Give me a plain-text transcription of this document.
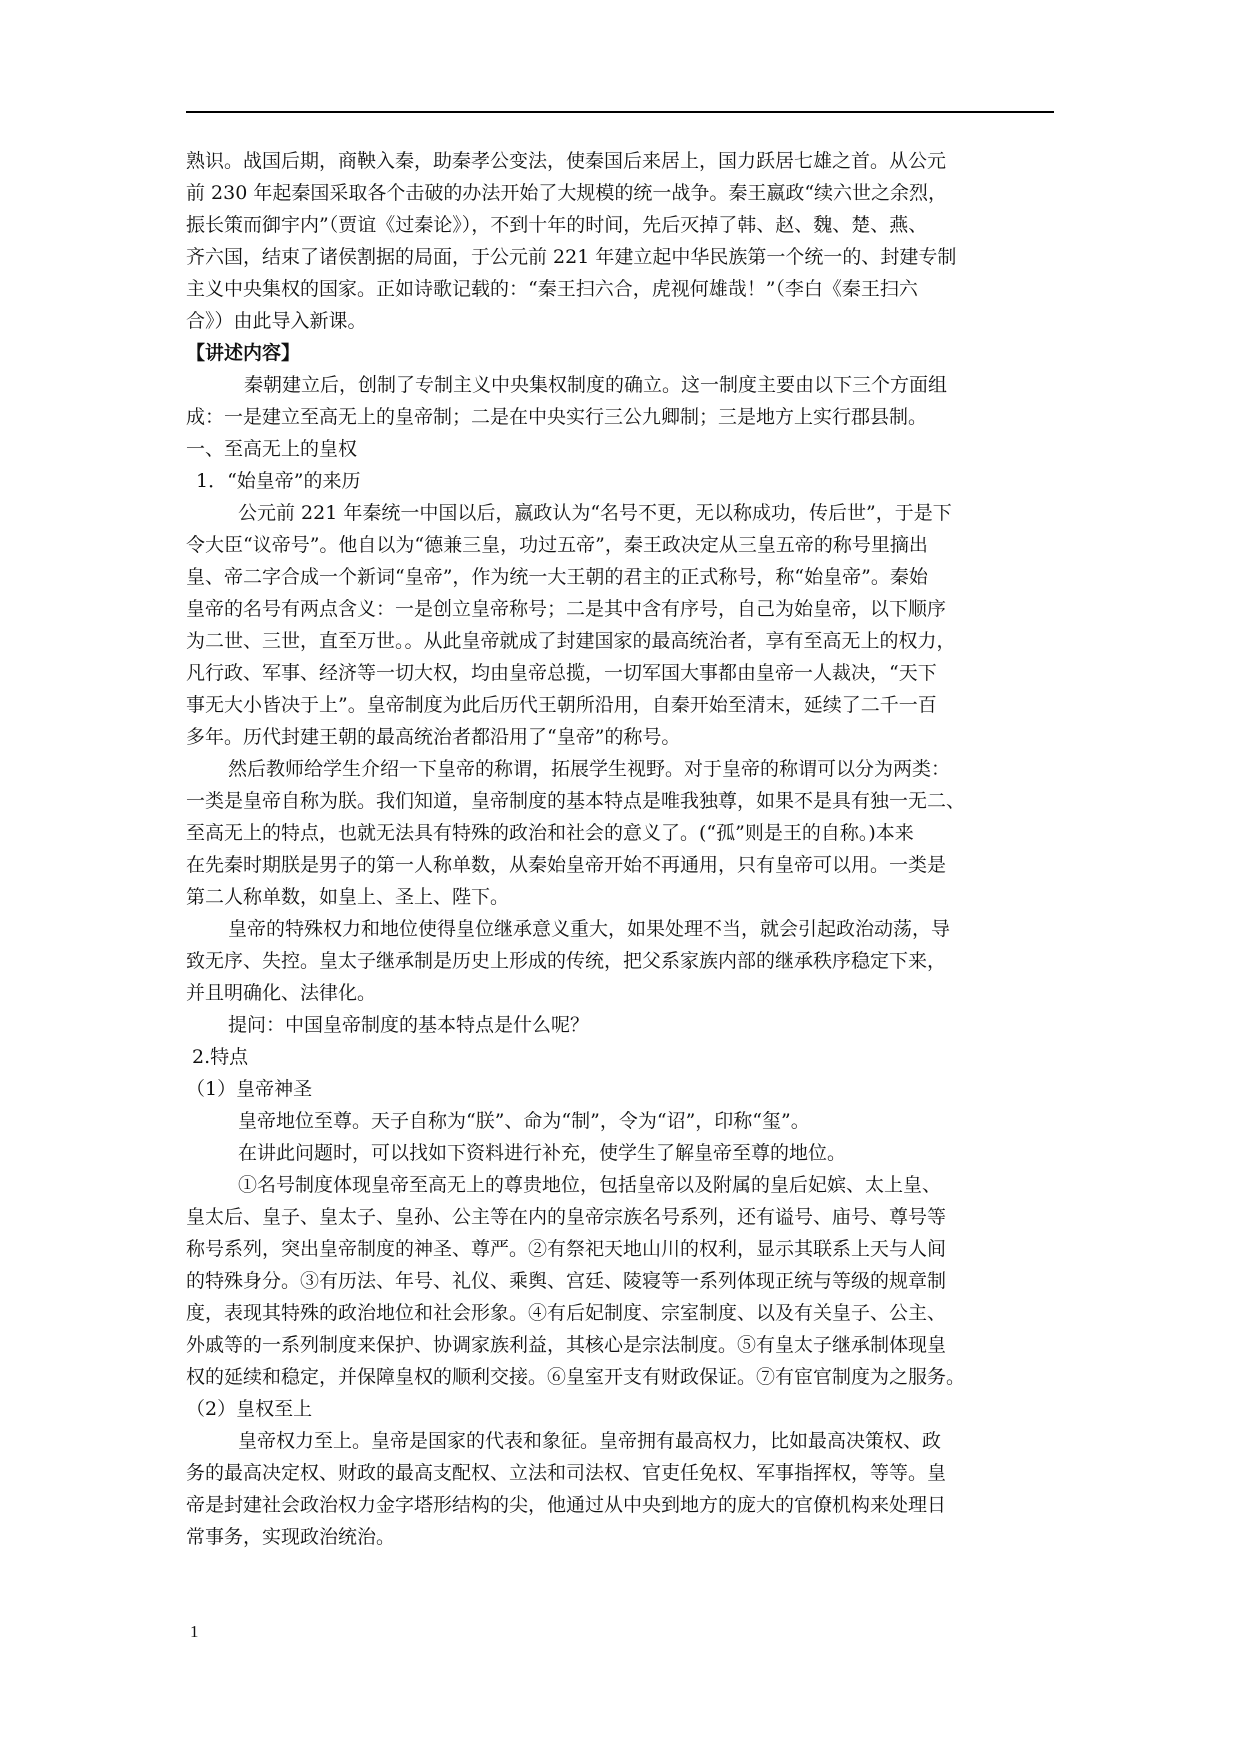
熟识。战国后期，商鞅入秦，助秦孝公变法，使秦国后来居上，国力跃居七雄之首。从公元
前 230 年起秦国采取各个击破的办法开始了大规模的统一战争。秦王嬴政“续六世之余烈，
振长策而御宇内”（贾谊《过秦论》），不到十年的时间，先后灭掉了韩、赵、魏、楚、燕、
齐六国，结束了诸侯割据的局面，于公元前 221 年建立起中华民族第一个统一的、封建专制
主义中央集权的国家。正如诗歌记载的：“秦王扫六合，虎视何雄哉！”（李白《秦王扫六
合》）由此导入新课。
【讲述内容】
秦朝建立后，创制了专制主义中央集权制度的确立。这一制度主要由以下三个方面组
成：一是建立至高无上的皇帝制；二是在中央实行三公九卿制；三是地方上实行郡县制。
一、至高无上的皇权
1．“始皇帝”的来历
公元前 221 年秦统一中国以后，嬴政认为“名号不更，无以称成功，传后世”，于是下
令大臣“议帝号”。他自以为“德兼三皇，功过五帝”，秦王政决定从三皇五帝的称号里摘出
皇、帝二字合成一个新词“皇帝”，作为统一大王朝的君主的正式称号，称“始皇帝”。秦始
皇帝的名号有两点含义：一是创立皇帝称号；二是其中含有序号，自己为始皇帝，以下顺序
为二世、三世，直至万世。。从此皇帝就成了封建国家的最高统治者，享有至高无上的权力，
凡行政、军事、经济等一切大权，均由皇帝总揽，一切军国大事都由皇帝一人裁决，“天下
事无大小皆决于上”。皇帝制度为此后历代王朝所沿用，自秦开始至清末，延续了二千一百
多年。历代封建王朝的最高统治者都沿用了“皇帝”的称号。
然后教师给学生介绍一下皇帝的称谓，拓展学生视野。对于皇帝的称谓可以分为两类：
一类是皇帝自称为朕。我们知道，皇帝制度的基本特点是唯我独尊，如果不是具有独一无二、
至高无上的特点，也就无法具有特殊的政治和社会的意义了。(“孤”则是王的自称。)本来
在先秦时期朕是男子的第一人称单数，从秦始皇帝开始不再通用，只有皇帝可以用。一类是
第二人称单数，如皇上、圣上、陛下。
皇帝的特殊权力和地位使得皇位继承意义重大，如果处理不当，就会引起政治动荡，导
致无序、失控。皇太子继承制是历史上形成的传统，把父系家族内部的继承秩序稳定下来，
并且明确化、法律化。
提问：中国皇帝制度的基本特点是什么呢？
2.特点
（1）皇帝神圣
皇帝地位至尊。天子自称为“朕”、命为“制”，令为“诏”，印称“玺”。
在讲此问题时，可以找如下资料进行补充，使学生了解皇帝至尊的地位。
①名号制度体现皇帝至高无上的尊贵地位，包括皇帝以及附属的皇后妃嫔、太上皇、
皇太后、皇子、皇太子、皇孙、公主等在内的皇帝宗族名号系列，还有谥号、庙号、尊号等
称号系列，突出皇帝制度的神圣、尊严。②有祭祀天地山川的权利，显示其联系上天与人间
的特殊身分。③有历法、年号、礼仪、乘舆、宫廷、陵寝等一系列体现正统与等级的规章制
度，表现其特殊的政治地位和社会形象。④有后妃制度、宗室制度、以及有关皇子、公主、
外戚等的一系列制度来保护、协调家族利益，其核心是宗法制度。⑤有皇太子继承制体现皇
权的延续和稳定，并保障皇权的顺利交接。⑥皇室开支有财政保证。⑦有宦官制度为之服务。
（2）皇权至上
皇帝权力至上。皇帝是国家的代表和象征。皇帝拥有最高权力，比如最高决策权、政
务的最高决定权、财政的最高支配权、立法和司法权、官吏任免权、军事指挥权，等等。皇
帝是封建社会政治权力金字塔形结构的尖，他通过从中央到地方的庞大的官僚机构来处理日
常事务，实现政治统治。
1
